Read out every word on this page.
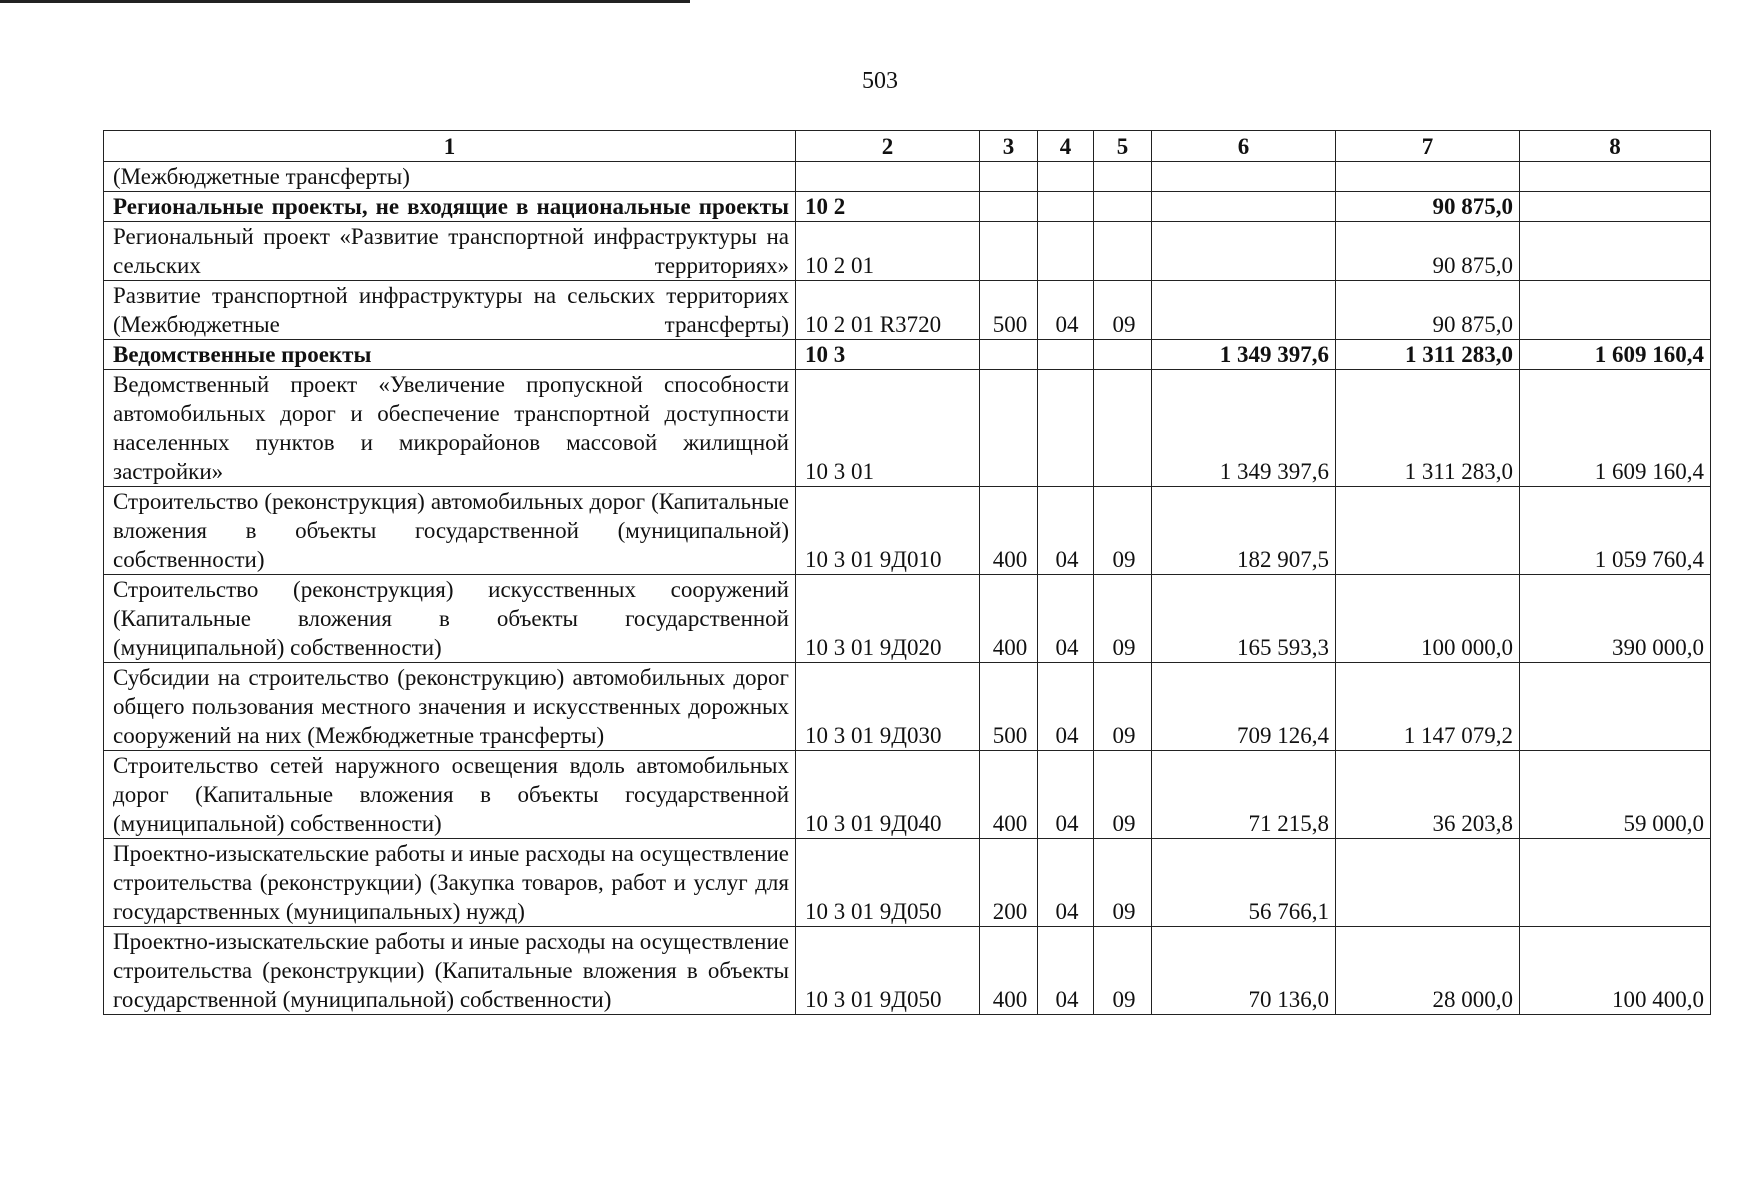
503
1	2	3	4	5	6	7	8
(Межбюджетные трансферты)							
Региональные проекты, не входящие в национальные проекты	10 2					90 875,0	
Региональный проект «Развитие транспортной инфраструктуры на сельских территориях»	10 2 01					90 875,0	
Развитие транспортной инфраструктуры на сельских территориях (Межбюджетные трансферты)	10 2 01 R3720	500	04	09		90 875,0	
Ведомственные проекты	10 3				1 349 397,6	1 311 283,0	1 609 160,4
Ведомственный проект «Увеличение пропускной способности автомобильных дорог и обеспечение транспортной доступности населенных пунктов и микрорайонов массовой жилищной застройки»	10 3 01				1 349 397,6	1 311 283,0	1 609 160,4
Строительство (реконструкция) автомобильных дорог (Капитальные вложения в объекты государственной (муниципальной) собственности)	10 3 01 9Д010	400	04	09	182 907,5		1 059 760,4
Строительство (реконструкция) искусственных сооружений (Капитальные вложения в объекты государственной (муниципальной) собственности)	10 3 01 9Д020	400	04	09	165 593,3	100 000,0	390 000,0
Субсидии на строительство (реконструкцию) автомобильных дорог общего пользования местного значения и искусственных дорожных сооружений на них (Межбюджетные трансферты)	10 3 01 9Д030	500	04	09	709 126,4	1 147 079,2	
Строительство сетей наружного освещения вдоль автомобильных дорог (Капитальные вложения в объекты государственной (муниципальной) собственности)	10 3 01 9Д040	400	04	09	71 215,8	36 203,8	59 000,0
Проектно-изыскательские работы и иные расходы на осуществление строительства (реконструкции) (Закупка товаров, работ и услуг для государственных (муниципальных) нужд)	10 3 01 9Д050	200	04	09	56 766,1		
Проектно-изыскательские работы и иные расходы на осуществление строительства (реконструкции) (Капитальные вложения в объекты государственной (муниципальной) собственности)	10 3 01 9Д050	400	04	09	70 136,0	28 000,0	100 400,0
